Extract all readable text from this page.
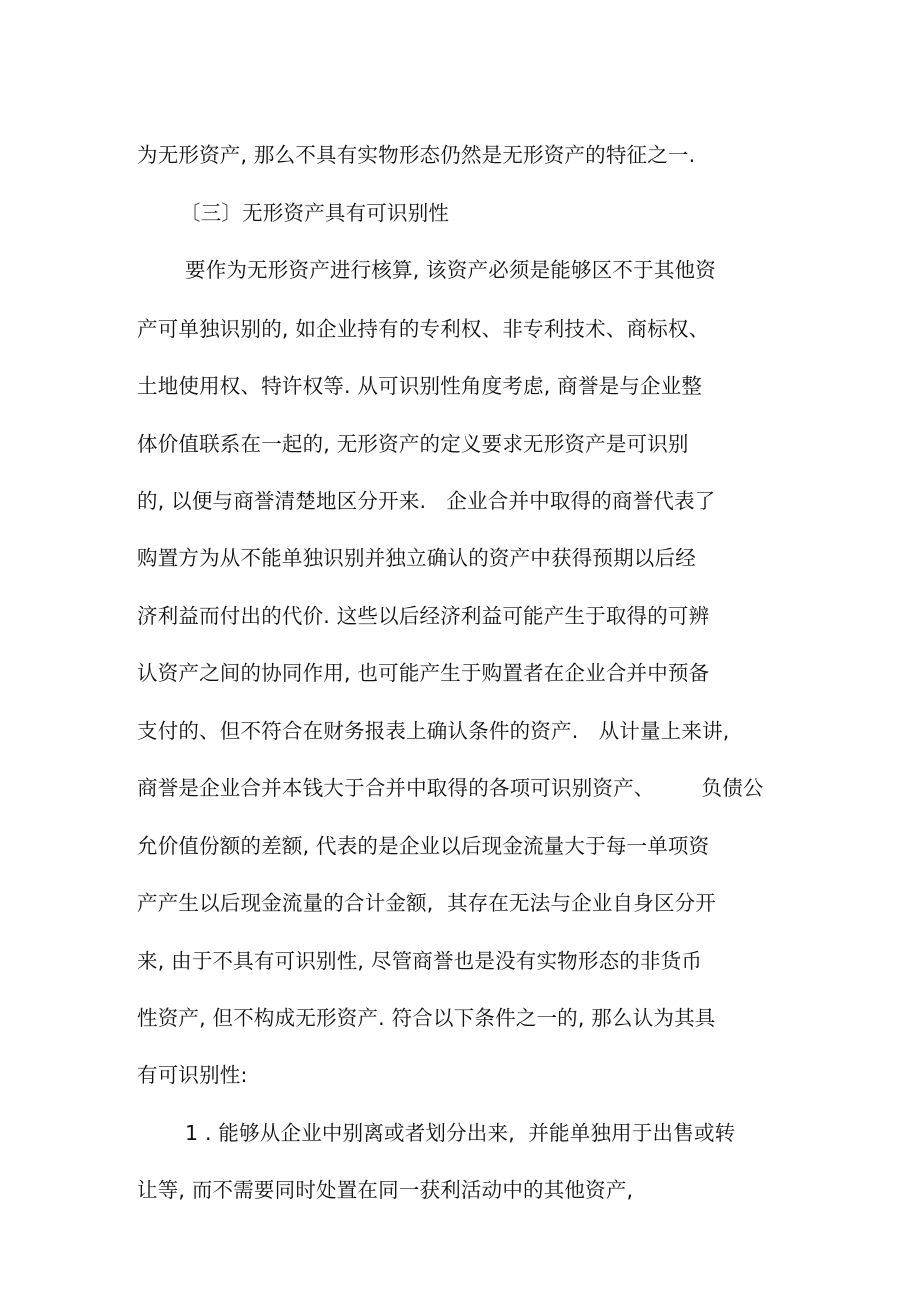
为无形资产, 那么不具有实物形态仍然是无形资产的特征之一.
〔三〕无形资产具有可识别性
要作为无形资产进行核算, 该资产必须是能够区不于其他资
产可单独识别的, 如企业持有的专利权、非专利技术、商标权、
土地使用权、特许权等. 从可识别性角度考虑, 商誉是与企业整
体价值联系在一起的, 无形资产的定义要求无形资产是可识别
的, 以便与商誉清楚地区分开来.   企业合并中取得的商誉代表了
购置方为从不能单独识别并独立确认的资产中获得预期以后经
济利益而付出的代价. 这些以后经济利益可能产生于取得的可辨
认资产之间的协同作用, 也可能产生于购置者在企业合并中预备
支付的、但不符合在财务报表上确认条件的资产.   从计量上来讲,
商誉是企业合并本钱大于合并中取得的各项可识别资产、       负债公
允价值份额的差额, 代表的是企业以后现金流量大于每一单项资
产产生以后现金流量的合计金额,  其存在无法与企业自身区分开
来, 由于不具有可识别性, 尽管商誉也是没有实物形态的非货币
性资产, 但不构成无形资产. 符合以下条件之一的, 那么认为其具
有可识别性:
1 . 能够从企业中别离或者划分出来,  并能单独用于出售或转
让等, 而不需要同时处置在同一获利活动中的其他资产,
